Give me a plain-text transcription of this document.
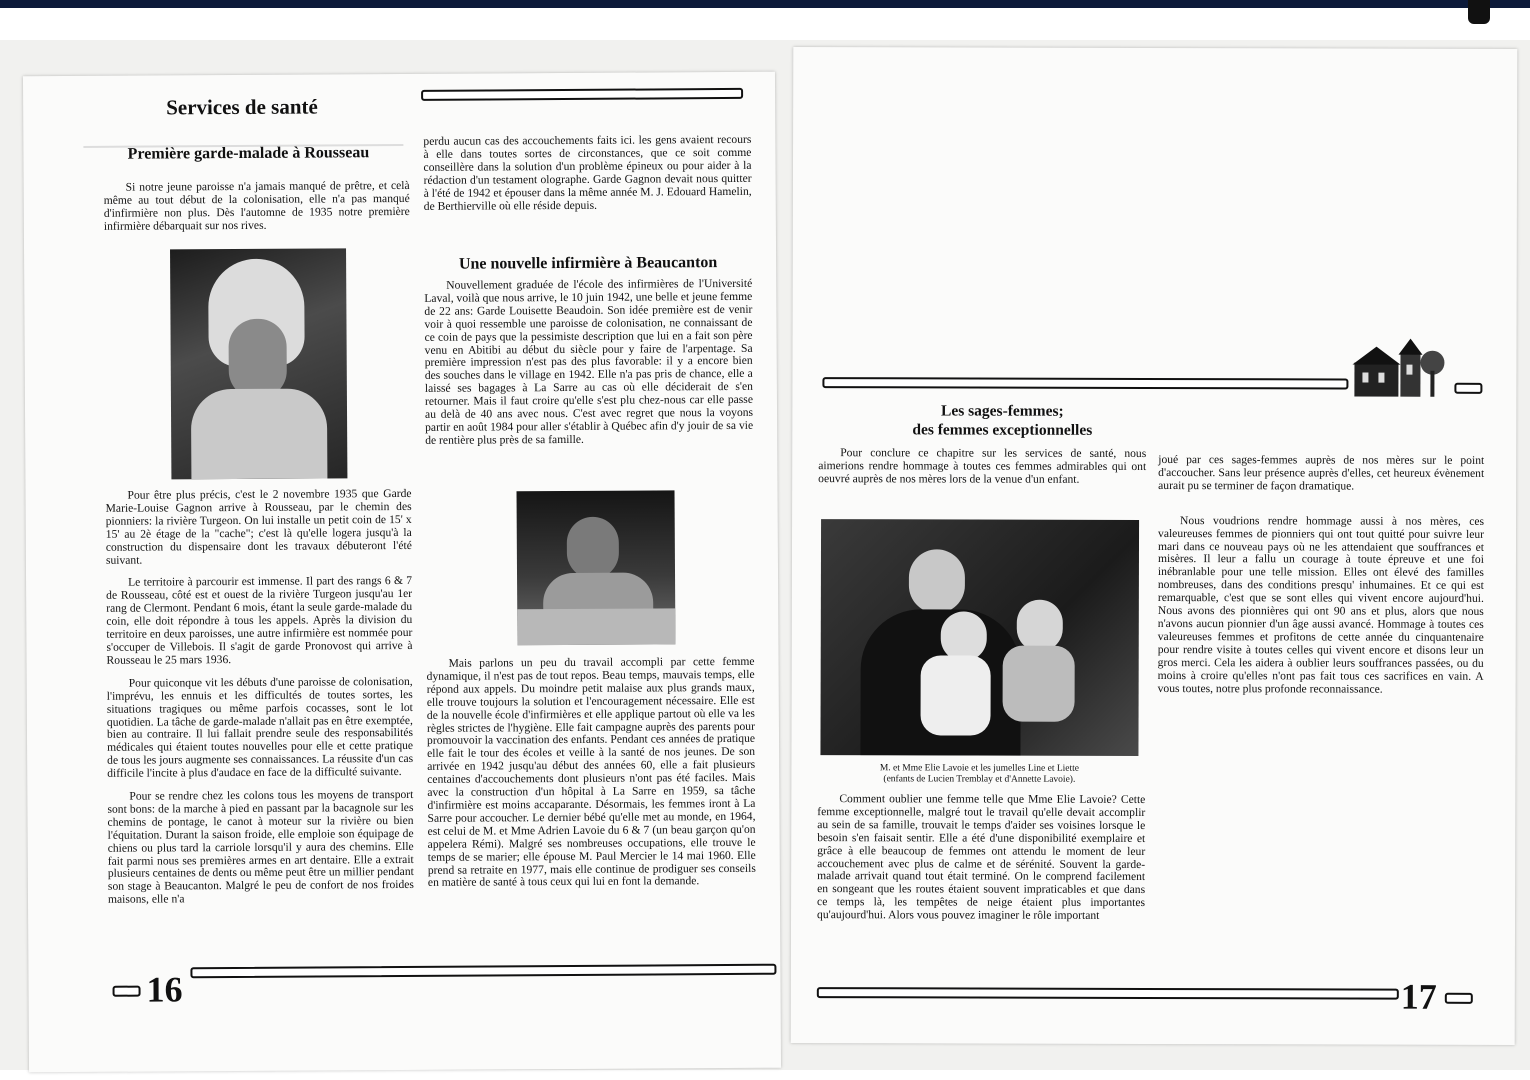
Services de santé
Première garde-malade à Rousseau

Si notre jeune paroisse n'a jamais manqué de prêtre, et celà même au tout début de la colonisation, elle n'a pas manqué d'infirmière non plus. Dès l'automne de 1935 notre première infirmière débarquait sur nos rives.

Pour être plus précis, c'est le 2 novembre 1935 que Garde Marie-Louise Gagnon arrive à Rousseau, par le chemin des pionniers: la rivière Turgeon. On lui installe un petit coin de 15' x 15' au 2è étage de la "cache"; c'est là qu'elle logera jusqu'à la construction du dispensaire dont les travaux débuteront l'été suivant.

Le territoire à parcourir est immense. Il part des rangs 6 & 7 de Rousseau, côté est et ouest de la rivière Turgeon jusqu'au 1er rang de Clermont. Pendant 6 mois, étant la seule garde-malade du coin, elle doit répondre à tous les appels. Après la division du territoire en deux paroisses, une autre infirmière est nommée pour s'occuper de Villebois. Il s'agit de garde Pronovost qui arrive à Rousseau le 25 mars 1936.

Pour quiconque vit les débuts d'une paroisse de colonisation, l'imprévu, les ennuis et les difficultés de toutes sortes, les situations tragiques ou même parfois cocasses, sont le lot quotidien. La tâche de garde-malade n'allait pas en être exemptée, bien au contraire. Il lui fallait prendre seule des responsabilités médicales qui étaient toutes nouvelles pour elle et cette pratique de tous les jours augmente ses connaissances. La réussite d'un cas difficile l'incite à plus d'audace en face de la difficulté suivante.

Pour se rendre chez les colons tous les moyens de transport sont bons: de la marche à pied en passant par la bacagnole sur les chemins de pontage, le canot à moteur sur la rivière ou bien l'équitation. Durant la saison froide, elle emploie son équipage de chiens ou plus tard la carriole lorsqu'il y aura des chemins. Elle fait parmi nous ses premières armes en art dentaire. Elle a extrait plusieurs centaines de dents ou même peut être un millier pendant son stage à Beaucanton. Malgré le peu de confort de nos froides maisons, elle n'a

perdu aucun cas des accouchements faits ici. les gens avaient recours à elle dans toutes sortes de circonstances, que ce soit comme conseillère dans la solution d'un problème épineux ou pour aider à la rédaction d'un testament olographe. Garde Gagnon devait nous quitter à l'été de 1942 et épouser dans la même année M. J. Edouard Hamelin, de Berthierville où elle réside depuis.

Une nouvelle infirmière à Beaucanton

Nouvellement graduée de l'école des infirmières de l'Université Laval, voilà que nous arrive, le 10 juin 1942, une belle et jeune femme de 22 ans: Garde Louisette Beaudoin. Son idée première est de venir voir à quoi ressemble une paroisse de colonisation, ne connaissant de ce coin de pays que la pessimiste description que lui en a fait son père venu en Abitibi au début du siècle pour y faire de l'arpentage. Sa première impression n'est pas des plus favorable: il y a encore bien des souches dans le village en 1942. Elle n'a pas pris de chance, elle a laissé ses bagages à La Sarre au cas où elle déciderait de s'en retourner. Mais il faut croire qu'elle s'est plu chez-nous car elle passe au delà de 40 ans avec nous. C'est avec regret que nous la voyons partir en août 1984 pour aller s'établir à Québec afin d'y jouir de sa vie de rentière plus près de sa famille.

Mais parlons un peu du travail accompli par cette femme dynamique, il n'est pas de tout repos. Beau temps, mauvais temps, elle répond aux appels. Du moindre petit malaise aux plus grands maux, elle trouve toujours la solution et l'encouragement nécessaire. Elle est de la nouvelle école d'infirmières et elle applique partout où elle va les règles strictes de l'hygiène. Elle fait campagne auprès des parents pour promouvoir la vaccination des enfants. Pendant ces années de pratique elle fait le tour des écoles et veille à la santé de nos jeunes. De son arrivée en 1942 jusqu'au début des années 60, elle a fait plusieurs centaines d'accouchements dont plusieurs n'ont pas été faciles. Mais avec la construction d'un hôpital à La Sarre en 1959, sa tâche d'infirmière est moins accaparante. Désormais, les femmes iront à La Sarre pour accoucher. Le dernier bébé qu'elle met au monde, en 1964, est celui de M. et Mme Adrien Lavoie du 6 & 7 (un beau garçon qu'on appelera Rémi). Malgré ses nombreuses occupations, elle trouve le temps de se marier; elle épouse M. Paul Mercier le 14 mai 1960. Elle prend sa retraite en 1977, mais elle continue de prodiguer ses conseils en matière de santé à tous ceux qui lui en font la demande.

16
Les sages-femmes;
des femmes exceptionnelles

Pour conclure ce chapitre sur les services de santé, nous aimerions rendre hommage à toutes ces femmes admirables qui ont oeuvré auprès de nos mères lors de la venue d'un enfant.

M. et Mme Elie Lavoie et les jumelles Line et Liette
(enfants de Lucien Tremblay et d'Annette Lavoie).

Comment oublier une femme telle que Mme Elie Lavoie? Cette femme exceptionnelle, malgré tout le travail qu'elle devait accomplir au sein de sa famille, trouvait le temps d'aider ses voisines lorsque le besoin s'en faisait sentir. Elle a été d'une disponibilité exemplaire et grâce à elle beaucoup de femmes ont attendu le moment de leur accouchement avec plus de calme et de sérénité. Souvent la garde-malade arrivait quand tout était terminé. On le comprend facilement en songeant que les routes étaient souvent impraticables et que dans ce temps là, les tempêtes de neige étaient plus importantes qu'aujourd'hui. Alors vous pouvez imaginer le rôle important

joué par ces sages-femmes auprès de nos mères sur le point d'accoucher. Sans leur présence auprès d'elles, cet heureux évènement aurait pu se terminer de façon dramatique.

Nous voudrions rendre hommage aussi à nos mères, ces valeureuses femmes de pionniers qui ont tout quitté pour suivre leur mari dans ce nouveau pays où ne les attendaient que souffrances et misères. Il leur a fallu un courage à toute épreuve et une foi inébranlable pour une telle mission. Elles ont élevé des familles nombreuses, dans des conditions presqu' inhumaines. Et ce qui est remarquable, c'est que se sont elles qui vivent encore aujourd'hui. Nous avons des pionnières qui ont 90 ans et plus, alors que nous n'avons aucun pionnier d'un âge aussi avancé. Hommage à toutes ces valeureuses femmes et profitons de cette année du cinquantenaire pour rendre visite à toutes celles qui vivent encore et disons leur un gros merci. Cela les aidera à oublier leurs souffrances passées, ou du moins à croire qu'elles n'ont pas fait tous ces sacrifices en vain. A vous toutes, notre plus profonde reconnaissance.

17
